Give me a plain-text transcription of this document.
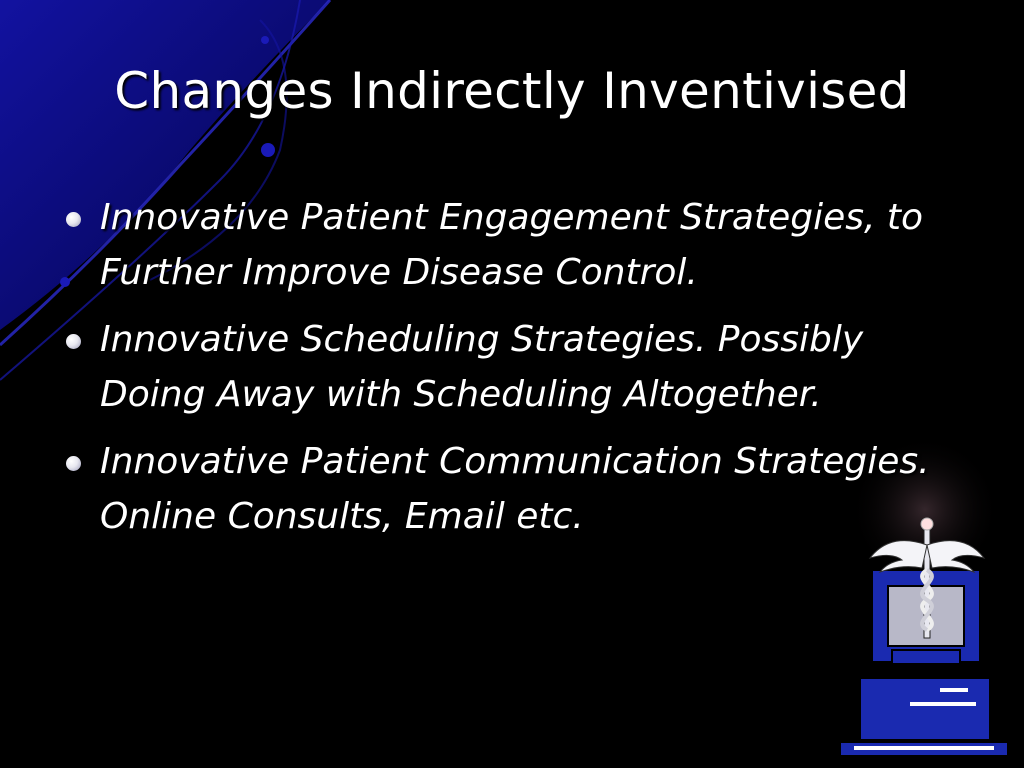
Changes Indirectly Inventivised
Innovative Patient Engagement Strategies, to Further Improve Disease Control.
Innovative Scheduling Strategies. Possibly Doing Away with Scheduling Altogether.
Innovative Patient Communication Strategies. Online Consults, Email etc.
